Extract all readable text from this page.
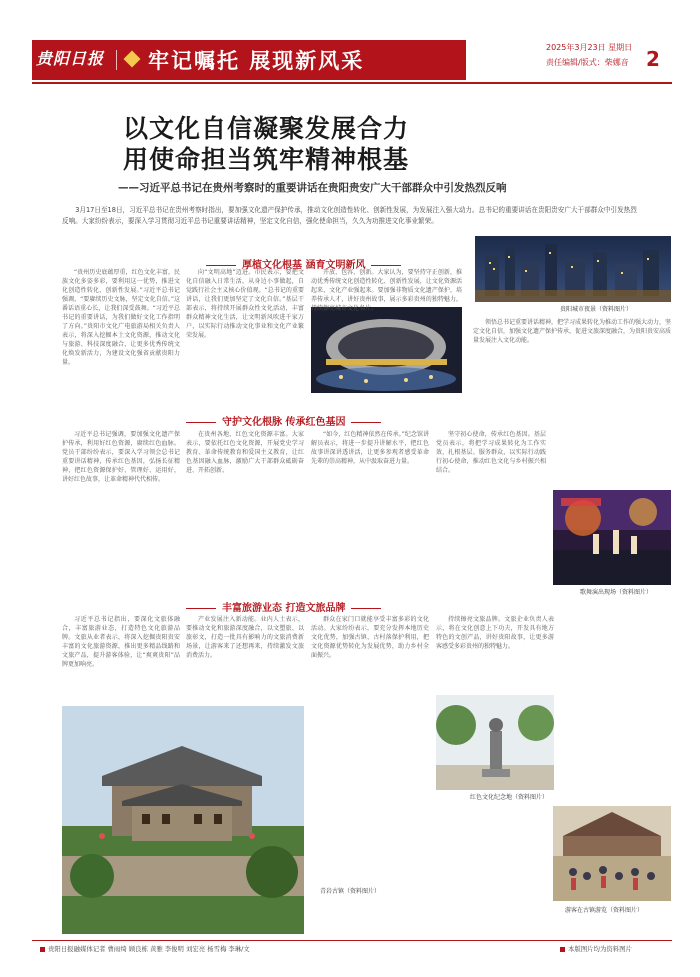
贵阳日报 牢记嘱托 展现新风采
2025年3月23日 星期日
责任编辑/版式：柴娜音 2
以文化自信凝聚发展合力
用使命担当筑牢精神根基
——习近平总书记在贵州考察时的重要讲话在贵阳贵安广大干部群众中引发热烈反响

3月17日至18日，习近平总书记在贵州考察时指出，要加强文化遗产保护传承，推动文化创造性转化、创新性发展，为发展注入强大动力。总书记的重要讲话在贵阳贵安广大干部群众中引发热烈反响。大家纷纷表示，要深入学习贯彻习近平总书记重要讲话精神，坚定文化自信，强化使命担当，久久为功推进文化事业繁荣。

贵阳城市夜景（资料图片）
厚植文化根基 涵育文明新风

“贵州历史底蕴厚重，红色文化丰富，民族文化多姿多彩，要利用这一优势，推进文化创造性转化、创新性发展。”习近平总书记强调，“要赓续历史文脉，坚定文化自信。”这番话语重心长，让我们深受鼓舞。“习近平总书记的重要讲话，为我们做好文化工作指明了方向。”贵阳市文化广电旅游局相关负责人表示，将深入挖掘本土文化资源，推动文化与旅游、科技深度融合，让更多优秀传统文化焕发新活力，为建设文化强省贡献贵阳力量。

向“文明高地”迈进。市民表示，要把文化自信融入日常生活，从身边小事做起，自觉践行社会主义核心价值观。“总书记的重要讲话，让我们更加坚定了文化自信。”基层干部表示，将持续开展群众性文化活动，丰富群众精神文化生活，让文明新风吹进千家万户，以实际行动推动文化事业和文化产业繁荣发展。

开放、包容、创新。大家认为，要坚持守正创新，推动优秀传统文化创造性转化、创新性发展，让文化资源活起来、文化产业强起来。要加强非物质文化遗产保护，培养传承人才，讲好贵州故事，展示多彩贵州的独特魅力，持续擦亮城市文化名片。

领悟总书记重要讲话精神，把学习成果转化为推动工作的强大动力，坚定文化自信，加强文化遗产保护传承，促进文旅深度融合，为贵阳贵安高质量发展注入文化动能。

守护文化根脉 传承红色基因

习近平总书记强调，要加强文化遗产保护传承，利用好红色资源，赓续红色血脉。党员干部纷纷表示，要深入学习领会总书记重要讲话精神，传承红色基因，弘扬长征精神，把红色资源保护好、管理好、运用好，讲好红色故事，让革命精神代代相传。

在贵州各地，红色文化资源丰富。大家表示，要依托红色文化资源，开展党史学习教育、革命传统教育和爱国主义教育，让红色基因融入血脉，激励广大干部群众砥砺奋进、开拓创新。

“如今，红色精神依然在传承。”纪念馆讲解员表示，将进一步提升讲解水平，把红色故事讲深讲透讲活，让更多参观者感受革命先辈的崇高精神，从中汲取奋进力量。

坚守初心使命，传承红色基因。基层党员表示，将把学习成果转化为工作实效，扎根基层、服务群众，以实际行动践行初心使命，推动红色文化与乡村振兴相结合。

歌舞演出现场（资料图片）
丰富旅游业态 打造文旅品牌

习近平总书记指出，要深化文旅体融合，丰富旅游业态，打造特色文化旅游品牌。文旅从业者表示，将深入挖掘贵阳贵安丰富的文化旅游资源，推出更多精品线路和文旅产品，提升游客体验，让“爽爽贵阳”品牌更加响亮。

产业发展注入新动能。业内人士表示，要推动文化和旅游深度融合，以文塑旅、以旅彰文，打造一批具有影响力的文旅消费新场景，让游客来了还想再来，持续激发文旅消费活力。

群众在家门口就能享受丰富多彩的文化活动。大家纷纷表示，要充分发挥本地历史文化优势，加强古镇、古村落保护利用，把文化资源优势转化为发展优势，助力乡村全面振兴。

持续擦亮文旅品牌。文旅企业负责人表示，将在文化创意上下功夫，开发具有地方特色的文创产品，讲好贵阳故事，让更多游客感受多彩贵州的独特魅力。

红色文化纪念地（资料图片）
青岩古镇（资料图片）
游客在古镇游览（资料图片）
贵阳日报融媒体记者 曹雨绮 顾良栋 黄雅 李俊明 刘宏亮 杨雪梅 李琳/文	本版图片均为资料图片
